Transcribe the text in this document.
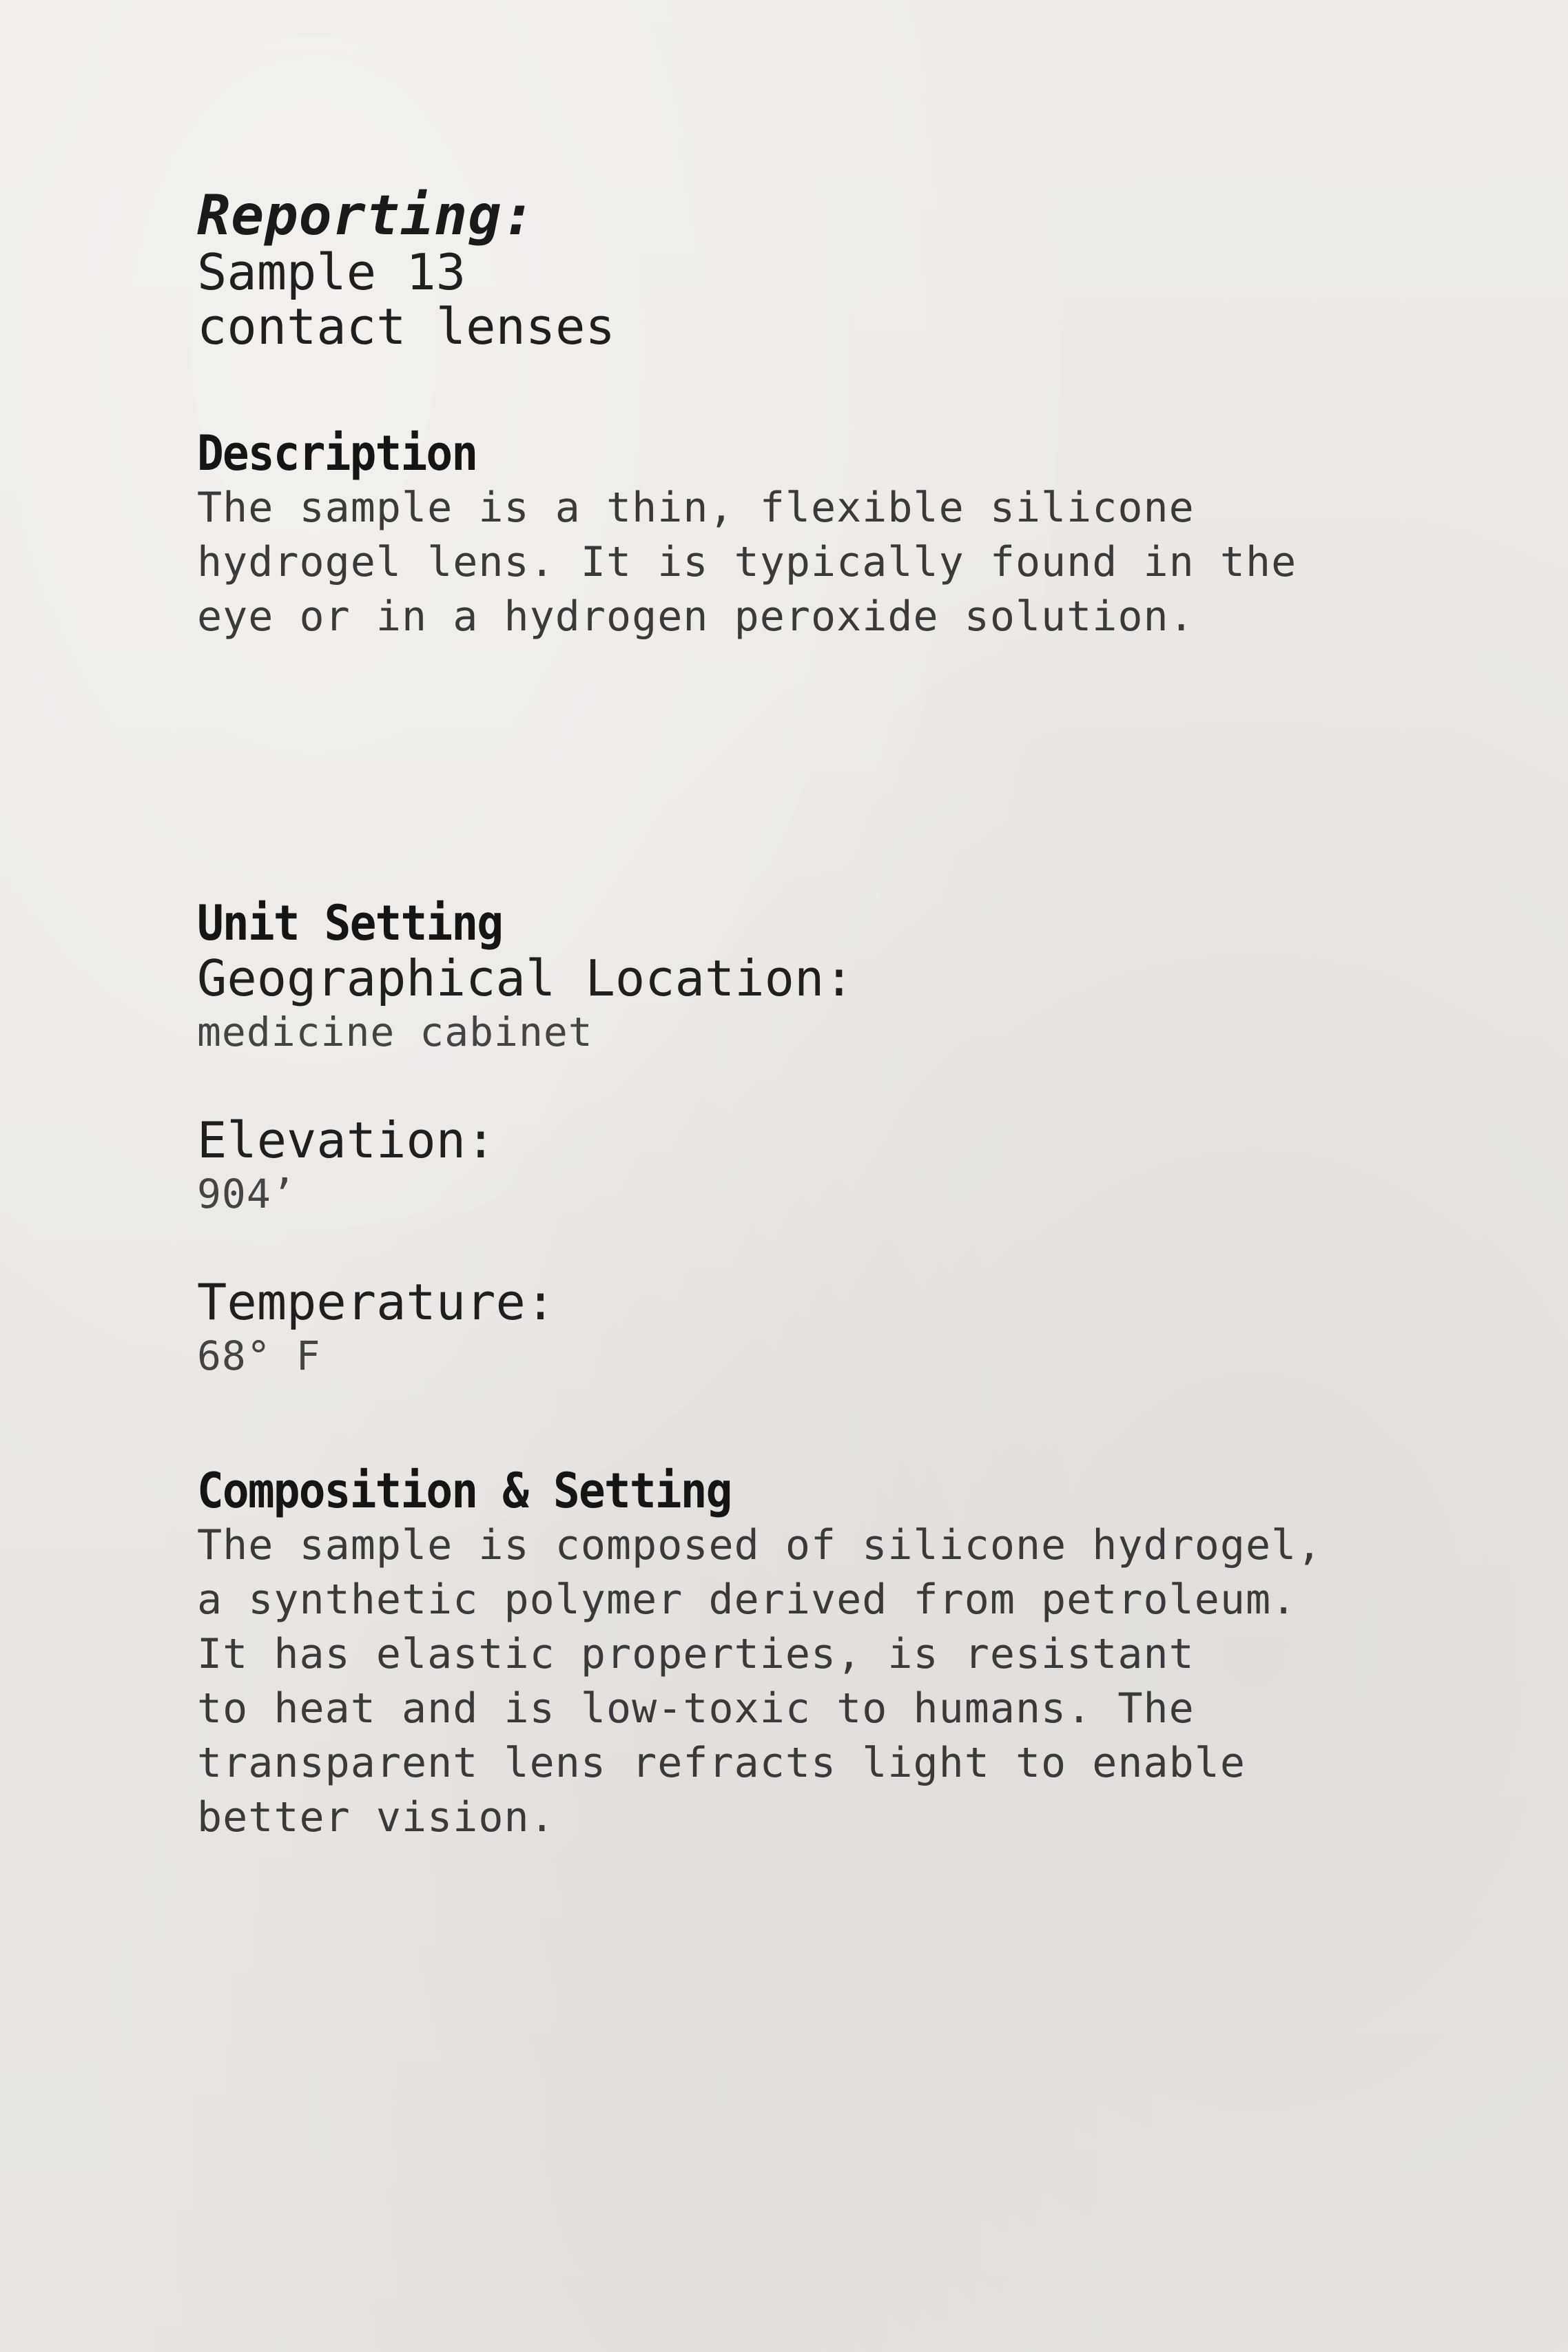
Reporting:

Sample 13

contact lenses

Description

The sample is a thin, flexible silicone
hydrogel lens. It is typically found in the
eye or in a hydrogen peroxide solution.

Unit Setting

Geographical Location:

medicine cabinet

Elevation:

904’

Temperature:

68° F

Composition & Setting

The sample is composed of silicone hydrogel,
a synthetic polymer derived from petroleum.
It has elastic properties, is resistant
to heat and is low-toxic to humans. The
transparent lens refracts light to enable
better vision.
